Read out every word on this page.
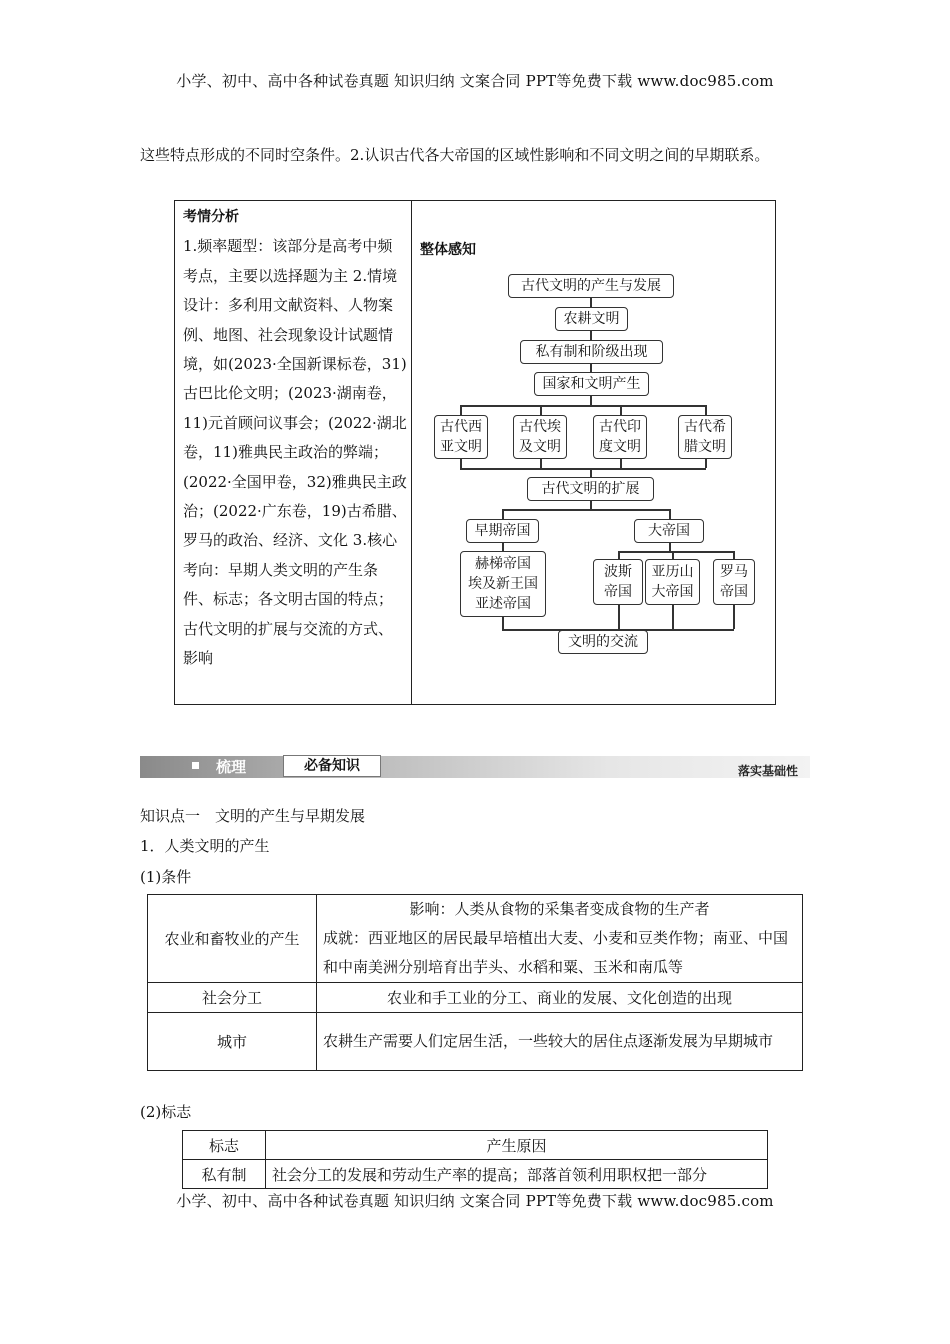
小学、初中、高中各种试卷真题 知识归纳 文案合同 PPT等免费下载 www.doc985.com
这些特点形成的不同时空条件。2.认识古代各大帝国的区域性影响和不同文明之间的早期联系。
考情分析
1.频率题型：该部分是高考中频考点，主要以选择题为主 2.情境设计：多利用文献资料、人物案例、地图、社会现象设计试题情境，如(2023·全国新课标卷，31)古巴比伦文明；(2023·湖南卷，11)元首顾问议事会；(2022·湖北卷，11)雅典民主政治的弊端；(2022·全国甲卷，32)雅典民主政治；(2022·广东卷，19)古希腊、罗马的政治、经济、文化 3.核心考向：早期人类文明的产生条件、标志；各文明古国的特点；古代文明的扩展与交流的方式、影响
整体感知
古代文明的产生与发展
农耕文明
私有制和阶级出现
国家和文明产生
古代西
亚文明
古代埃
及文明
古代印
度文明
古代希
腊文明
古代文明的扩展
早期帝国	大帝国
赫梯帝国
埃及新王国
亚述帝国
波斯
帝国
亚历山
大帝国
罗马
帝国
文明的交流
梳理	必备知识	落实基础性
知识点一　文明的产生与早期发展
1．人类文明的产生
(1)条件
农业和畜牧业的产生	影响：人类从食物的采集者变成食物的生产者
成就：西亚地区的居民最早培植出大麦、小麦和豆类作物；南亚、中国和中南美洲分别培育出芋头、水稻和粟、玉米和南瓜等

社会分工	农业和手工业的分工、商业的发展、文化创造的出现
城市	农耕生产需要人们定居生活，一些较大的居住点逐渐发展为早期城市
(2)标志
标志	产生原因
私有制	社会分工的发展和劳动生产率的提高；部落首领利用职权把一部分
小学、初中、高中各种试卷真题 知识归纳 文案合同 PPT等免费下载 www.doc985.com
